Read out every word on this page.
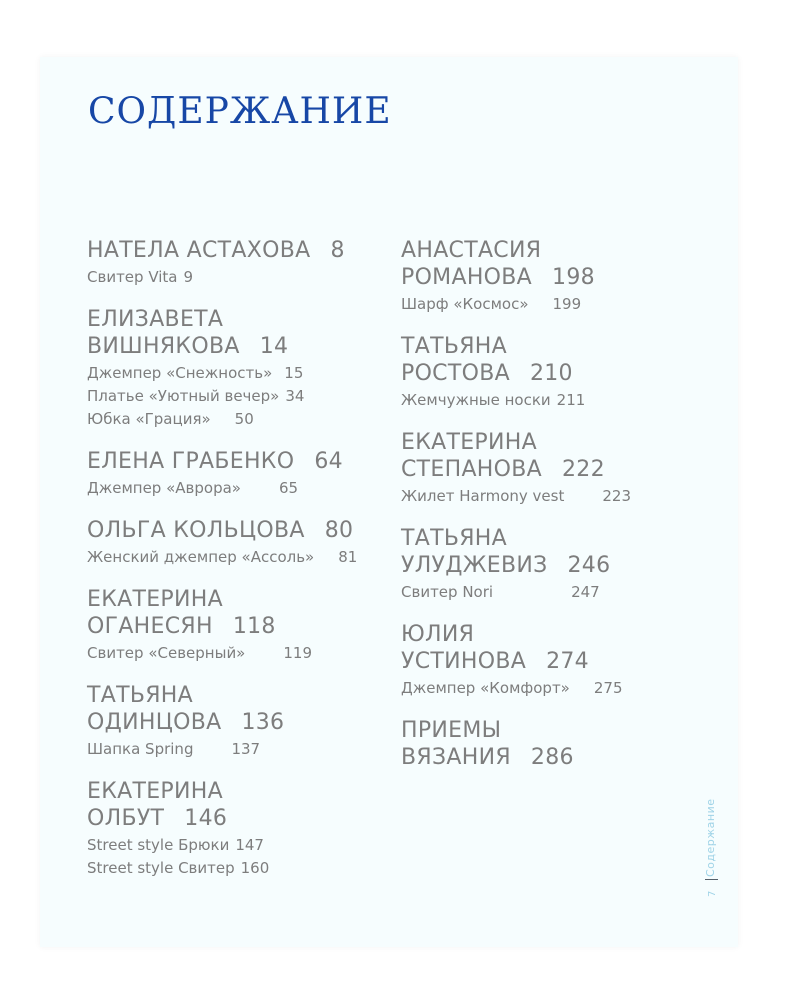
СОДЕРЖАНИЕ
НАТЕЛА АСТАХОВА 8
Свитер Vita 9
ЕЛИЗАВЕТА
ВИШНЯКОВА 14
Джемпер «Снежность» 15
Платье «Уютный вечер» 34
Юбка «Грация» 50
ЕЛЕНА ГРАБЕНКО 64
Джемпер «Аврора»	65
ОЛЬГА КОЛЬЦОВА 80
Женский джемпер «Ассоль» 81
ЕКАТЕРИНА
ОГАНЕСЯН 118
Свитер «Северный»	119
ТАТЬЯНА
ОДИНЦОВА 136
Шапка Spring	137
ЕКАТЕРИНА
ОЛБУТ 146
Street style Брюки 147
Street style Свитер 160
АНАСТАСИЯ
РОМАНОВА 198
Шарф «Космос» 199
ТАТЬЯНА
РОСТОВА 210
Жемчужные носки 211
ЕКАТЕРИНА
СТЕПАНОВА 222
Жилет Harmony vest	223
ТАТЬЯНА
УЛУДЖЕВИЗ 246
Свитер Nori	247
ЮЛИЯ
УСТИНОВА 274
Джемпер «Комфорт» 275
ПРИЕМЫ
ВЯЗАНИЯ 286
Содержание
7
